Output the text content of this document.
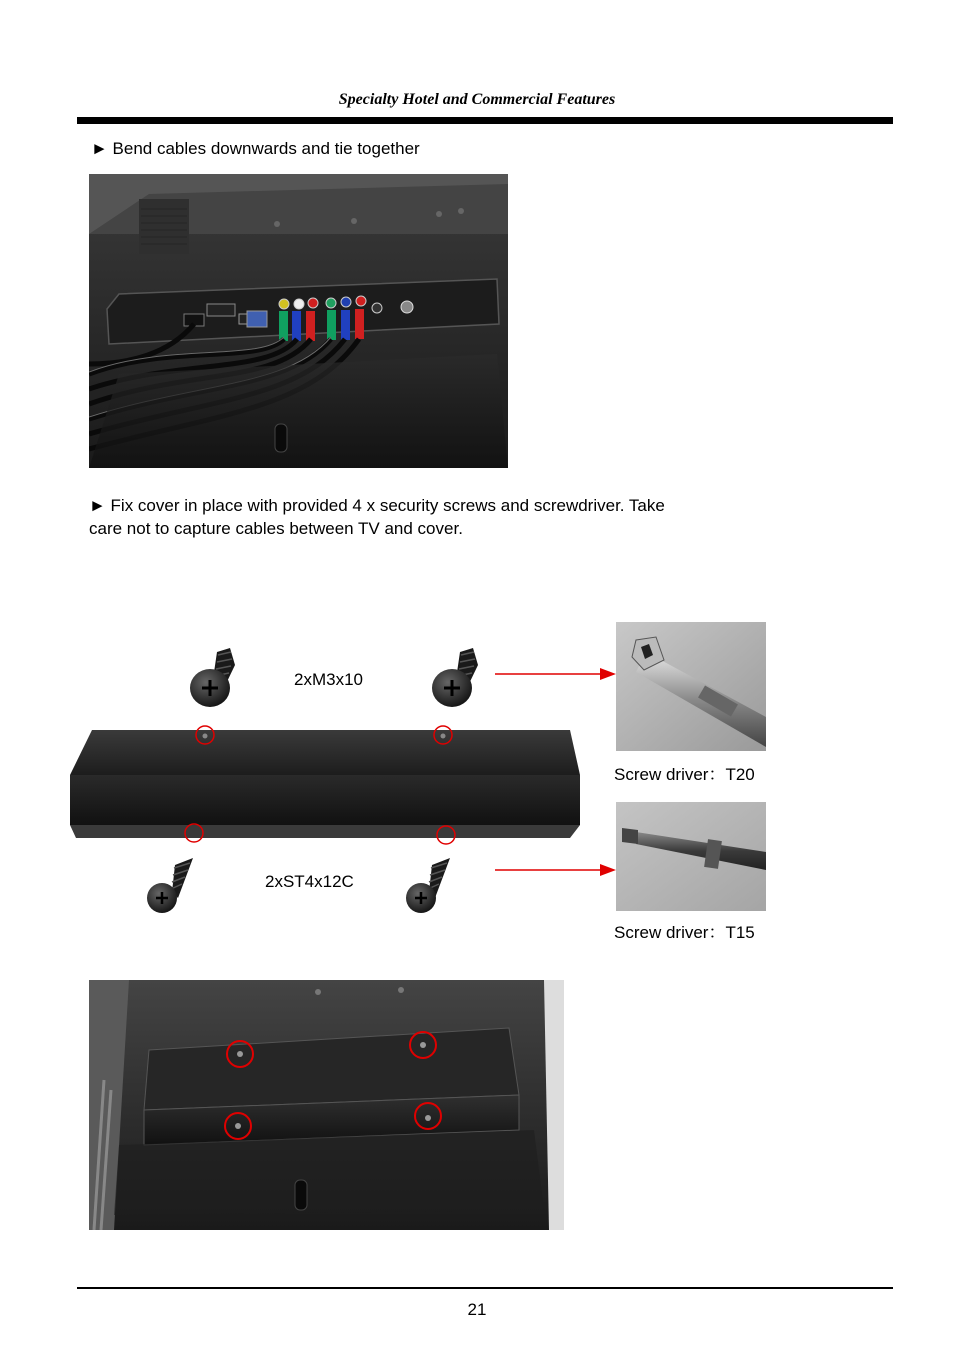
Specialty Hotel and Commercial Features
► Bend cables downwards and tie together
► Fix cover in place with provided 4 x security screws and screwdriver. Take
care not to capture cables between TV and cover.
2xM3x10
2xST4x12C
Screw driver：T20
Screw driver：T15
21
